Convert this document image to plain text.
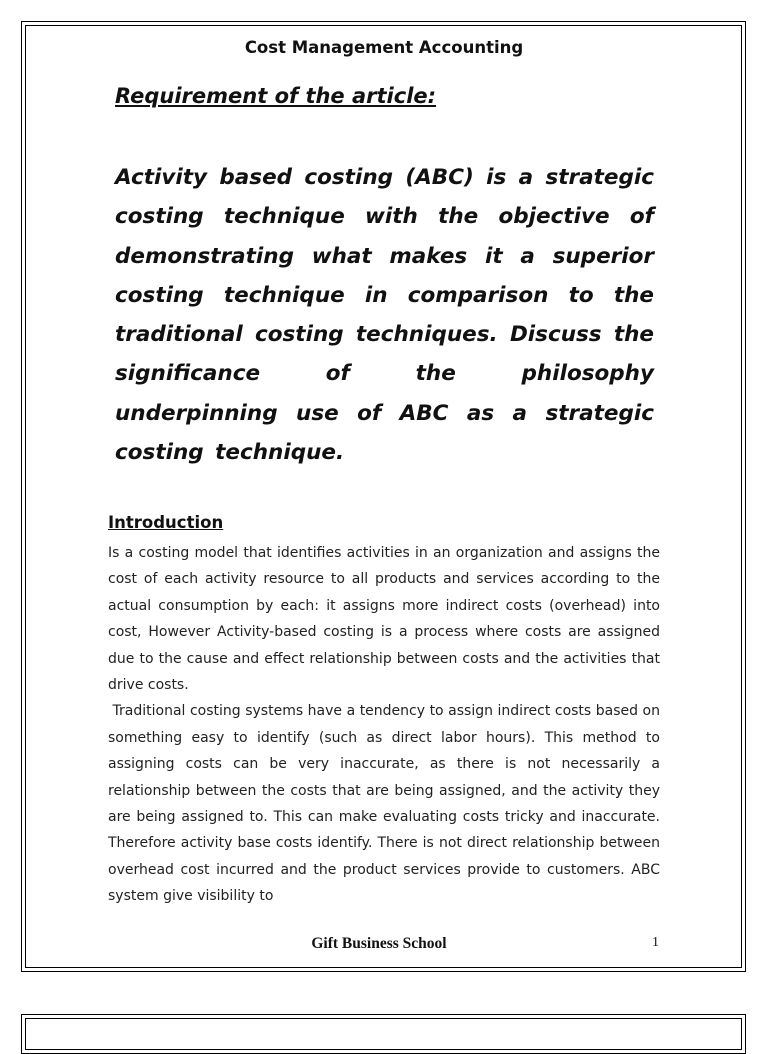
Cost Management Accounting
Requirement of the article:
Activity based costing (ABC) is a strategic costing technique with the objective of demonstrating what makes it a superior costing technique in comparison to the traditional costing techniques. Discuss the significance of the philosophy underpinning use of ABC as a strategic costing technique.
Introduction

Is a costing model that identifies activities in an organization and assigns the cost of each activity resource to all products and services according to the actual consumption by each: it assigns more indirect costs (overhead) into cost, However Activity-based costing is a process where costs are assigned due to the cause and effect relationship between costs and the activities that drive costs.

Traditional costing systems have a tendency to assign indirect costs based on something easy to identify (such as direct labor hours). This method to assigning costs can be very inaccurate, as there is not necessarily a relationship between the costs that are being assigned, and the activity they are being assigned to. This can make evaluating costs tricky and inaccurate. Therefore activity base costs identify. There is not direct relationship between overhead cost incurred and the product services provide to customers. ABC system give visibility to

Gift Business School	1
